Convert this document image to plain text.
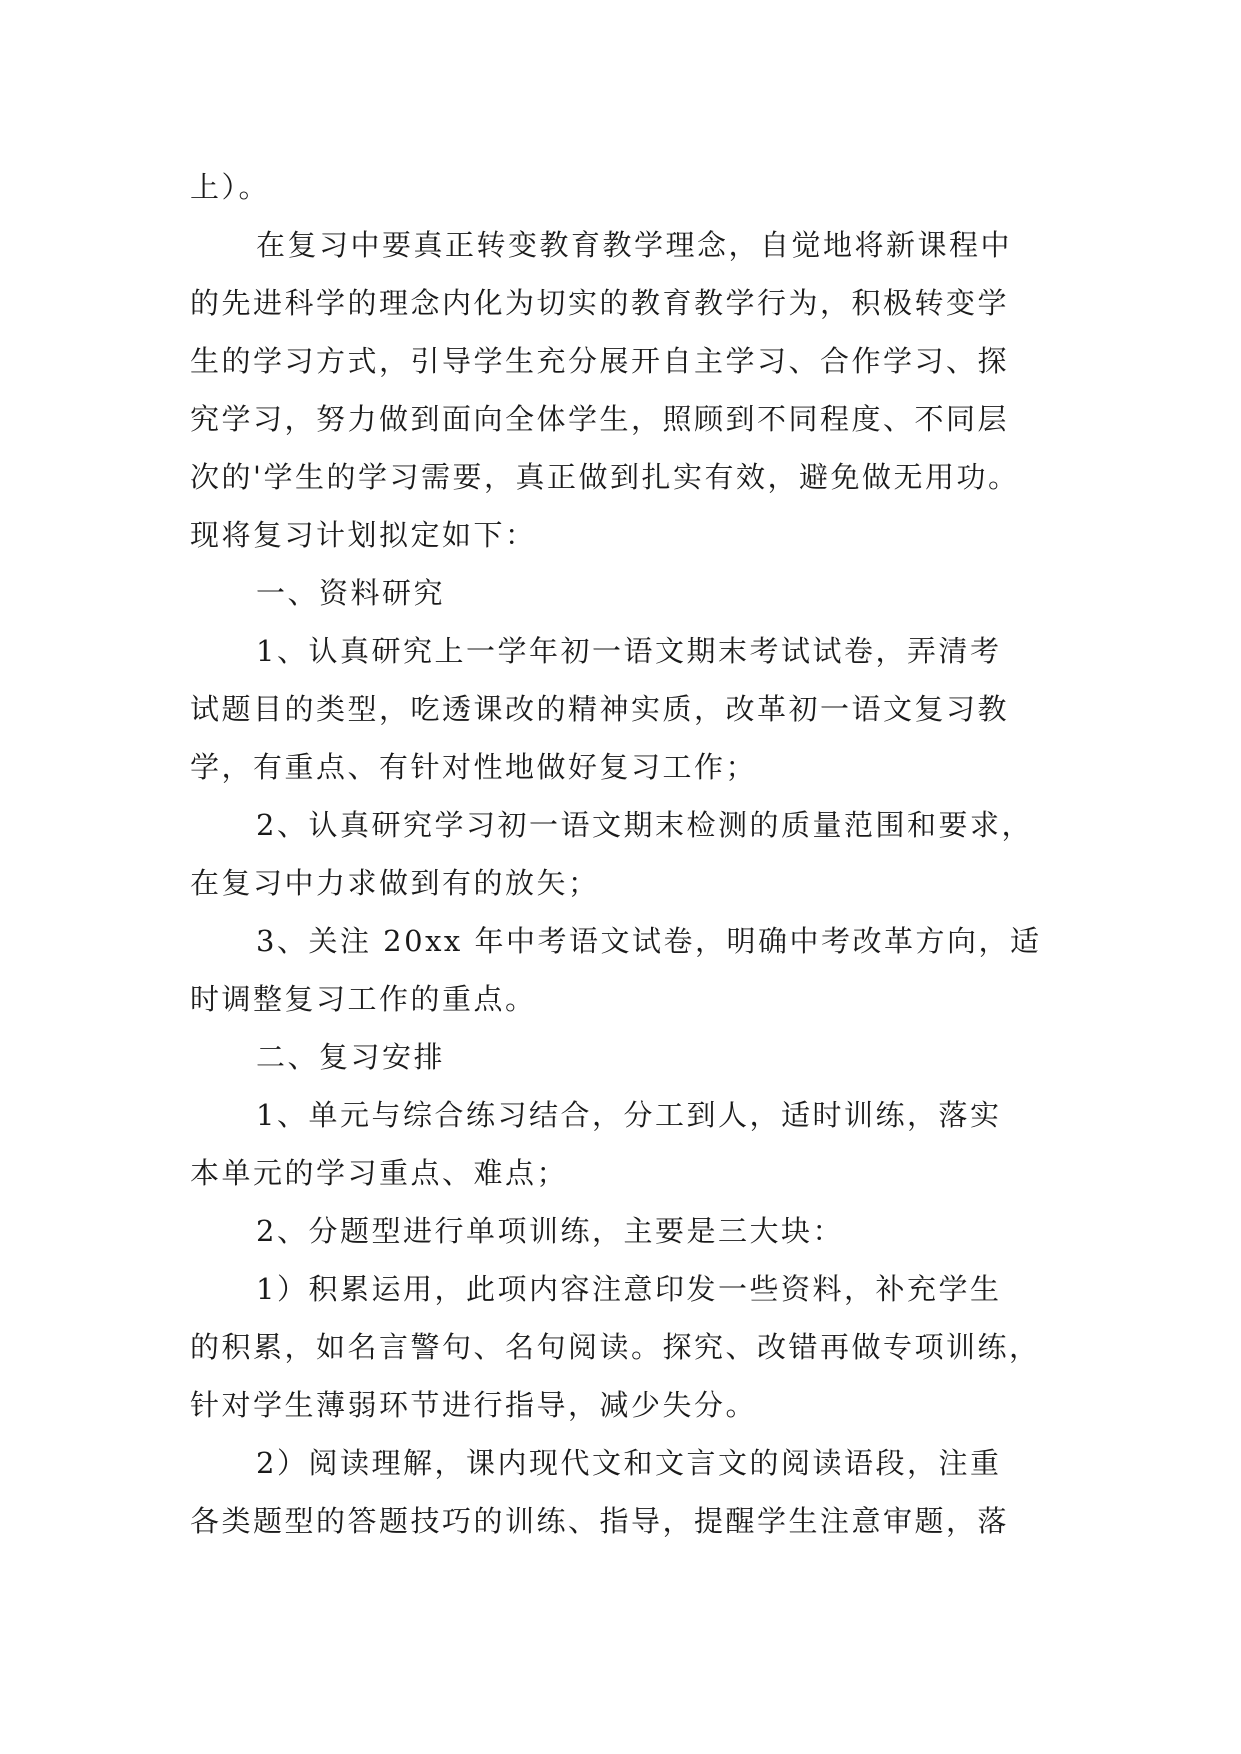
上）。
在复习中要真正转变教育教学理念，自觉地将新课程中
的先进科学的理念内化为切实的教育教学行为，积极转变学
生的学习方式，引导学生充分展开自主学习、合作学习、探
究学习，努力做到面向全体学生，照顾到不同程度、不同层
次的'学生的学习需要，真正做到扎实有效，避免做无用功。
现将复习计划拟定如下：
一、资料研究
1、认真研究上一学年初一语文期末考试试卷，弄清考
试题目的类型，吃透课改的精神实质，改革初一语文复习教
学，有重点、有针对性地做好复习工作；
2、认真研究学习初一语文期末检测的质量范围和要求，
在复习中力求做到有的放矢；
3、关注 20xx 年中考语文试卷，明确中考改革方向，适
时调整复习工作的重点。
二、复习安排
1、单元与综合练习结合，分工到人，适时训练，落实
本单元的学习重点、难点；
2、分题型进行单项训练，主要是三大块：
1）积累运用，此项内容注意印发一些资料，补充学生
的积累，如名言警句、名句阅读。探究、改错再做专项训练，
针对学生薄弱环节进行指导，减少失分。
2）阅读理解，课内现代文和文言文的阅读语段，注重
各类题型的答题技巧的训练、指导，提醒学生注意审题，落
